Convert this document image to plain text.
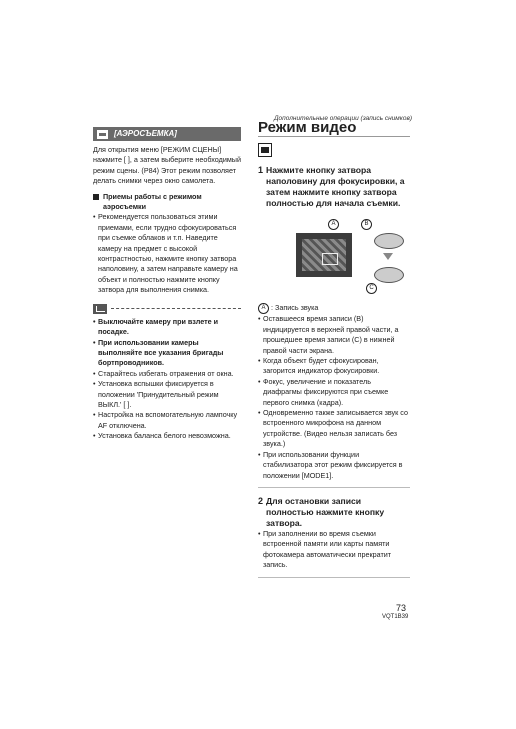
Дополнительные операции (запись снимков)
[АЭРОСЪЕМКА]

Для открытия меню [РЕЖИМ СЦЕНЫ] нажмите [ ], а затем выберите необходимый режим сцены. (P84) Этот режим позволяет делать снимки через окно самолета.

Приемы работы с режимом аэросъемки
• Рекомендуется пользоваться этими приемами, если трудно сфокусироваться при съемке облаков и т.п. Наведите камеру на предмет с высокой контрастностью, нажмите кнопку затвора наполовину, а затем направьте камеру на объект и полностью нажмите кнопку затвора для выполнения снимка.
• Выключайте камеру при взлете и посадке.
• При использовании камеры выполняйте все указания бригады бортпроводников.
• Старайтесь избегать отражения от окна.
• Установка вспышки фиксируется в положении 'Принудительный режим ВЫКЛ.' [ ].
• Настройка на вспомогательную лампочку AF отключена.
• Установка баланса белого невозможна.
Режим видео
1 Нажмите кнопку затвора наполовину для фокусировки, а затем нажмите кнопку затвора полностью для начала съемки.
A	B
C
A : Запись звука
• Оставшееся время записи (B) индицируется в верхней правой части, а прошедшее время записи (C) в нижней правой части экрана.
• Когда объект будет сфокусирован, загорится индикатор фокусировки.
• Фокус, увеличение и показатель диафрагмы фиксируются при съемке первого снимка (кадра).
• Одновременно также записывается звук со встроенного микрофона на данном устройстве. (Видео нельзя записать без звука.)
• При использовании функции стабилизатора этот режим фиксируется в положении [MODE1].
2 Для остановки записи полностью нажмите кнопку затвора.
• При заполнении во время съемки встроенной памяти или карты памяти фотокамера автоматически прекратит запись.
73
VQT1B39
